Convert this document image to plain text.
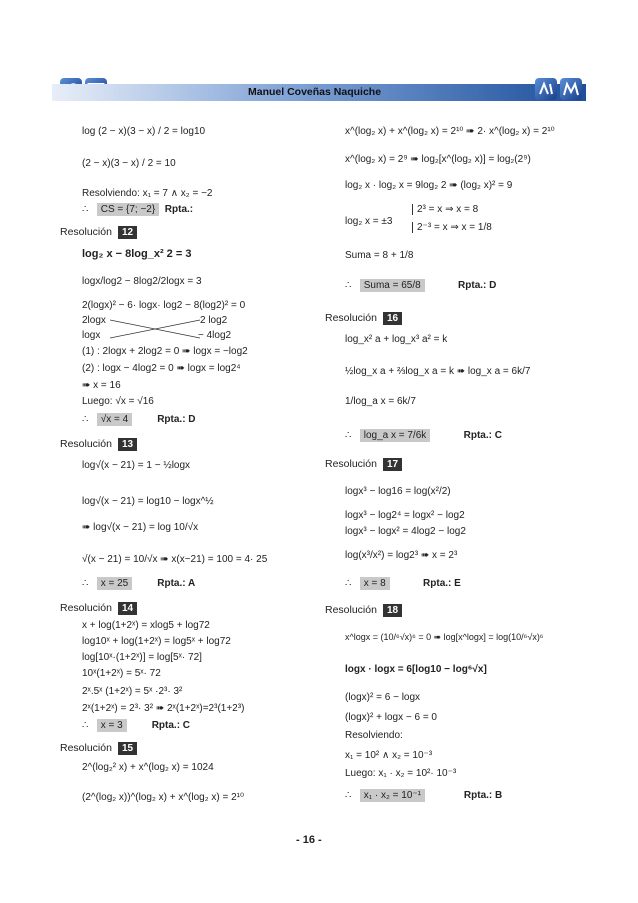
Manuel Coveñas Naquiche
log (2 − x)(3 − x) / 2 = log10
(2 − x)(3 − x) / 2 = 10
Resolviendo: x₁ = 7 ∧ x₂ = −2
∴ CS = {7; −2} Rpta.:
Resolución 12
log₂ x − 8log_x² 2 = 3
logx/log2 − 8log2/2logx = 3
2(logx)² − 6· logx· log2 − 8(log2)² = 0
2logx	2 log2
logx	− 4log2
(1) : 2logx + 2log2 = 0 ➠ logx = −log2
(2) : logx − 4log2 = 0 ➠ logx = log2⁴
➠ x = 16
Luego: √x = √16
∴ √x = 4	Rpta.: D
Resolución 13
log√(x − 21) = 1 − ½logx
log√(x − 21) = log10 − logx^½
➠ log√(x − 21) = log 10/√x
√(x − 21) = 10/√x ➠ x(x−21) = 100 = 4· 25
∴ x = 25	Rpta.: A
Resolución 14
x + log(1+2ˣ) = xlog5 + log72
log10ˣ + log(1+2ˣ) = log5ˣ + log72
log[10ˣ·(1+2ˣ)] = log[5ˣ· 72]
10ˣ(1+2ˣ) = 5ˣ· 72
2ˣ.5ˣ (1+2ˣ) = 5ˣ ·2³· 3²
2ˣ(1+2ˣ) = 2³· 3² ➠ 2ˣ(1+2ˣ)=2³(1+2³)
∴ x = 3	Rpta.: C
Resolución 15
2^(log₂² x) + x^(log₂ x) = 1024
(2^(log₂ x))^(log₂ x) + x^(log₂ x) = 2¹⁰
x^(log₂ x) + x^(log₂ x) = 2¹⁰ ➠ 2· x^(log₂ x) = 2¹⁰
x^(log₂ x) = 2⁹ ➠ log₂[x^(log₂ x)] = log₂(2⁹)
log₂ x · log₂ x = 9log₂ 2 ➠ (log₂ x)² = 9
log₂ x = ±3
2³ = x ⇒ x = 8
2⁻³ = x ⇒ x = 1/8
Suma = 8 + 1/8
∴ Suma = 65/8	Rpta.: D
Resolución 16
log_x² a + log_x³ a² = k
½log_x a + ⅔log_x a = k ➠ log_x a = 6k/7
1/log_a x = 6k/7
∴ log_a x = 7/6k	Rpta.: C
Resolución 17
logx³ − log16 = log(x²/2)
logx³ − log2⁴ = logx² − log2
logx³ − logx² = 4log2 − log2
log(x³/x²) = log2³ ➠ x = 2³
∴ x = 8	Rpta.: E
Resolución 18
x^logx = (10/⁶√x)⁶ = 0 ➠ log[x^logx] = log(10/⁶√x)⁶
logx · logx = 6[log10 − log⁶√x]
(logx)² = 6 − logx
(logx)² + logx − 6 = 0
Resolviendo:
x₁ = 10² ∧ x₂ = 10⁻³
Luego: x₁ · x₂ = 10²· 10⁻³
∴ x₁ · x₂ = 10⁻¹	Rpta.: B
- 16 -
